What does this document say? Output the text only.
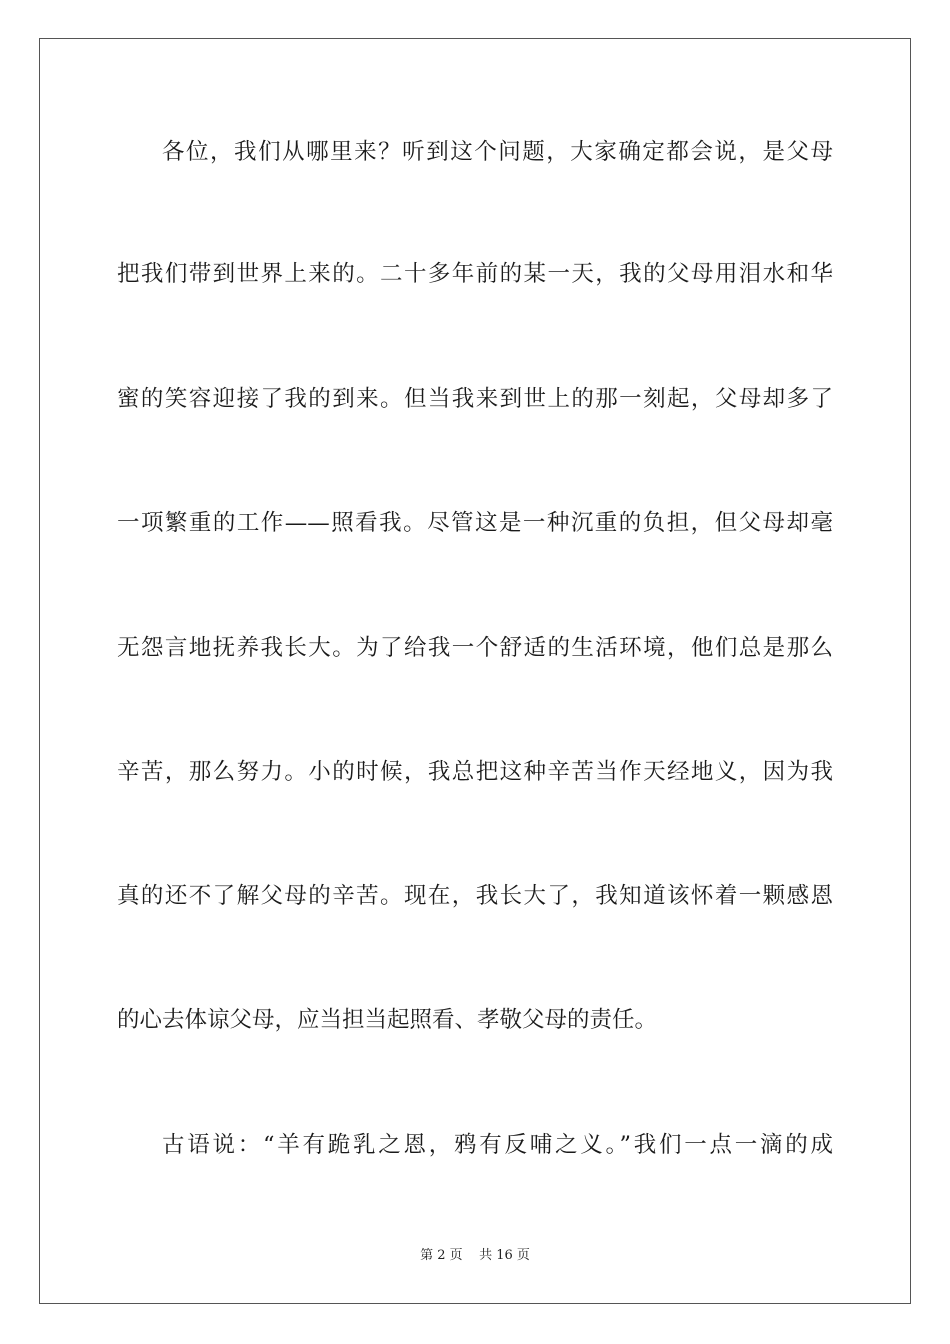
各位，我们从哪里来？听到这个问题，大家确定都会说，是父母
把我们带到世界上来的。二十多年前的某一天，我的父母用泪水和华
蜜的笑容迎接了我的到来。但当我来到世上的那一刻起，父母却多了
一项繁重的工作——照看我。尽管这是一种沉重的负担，但父母却毫
无怨言地抚养我长大。为了给我一个舒适的生活环境，他们总是那么
辛苦，那么努力。小的时候，我总把这种辛苦当作天经地义，因为我
真的还不了解父母的辛苦。现在，我长大了，我知道该怀着一颗感恩
的心去体谅父母，应当担当起照看、孝敬父母的责任。
古语说：“羊有跪乳之恩，鸦有反哺之义。”我们一点一滴的成
第 2 页    共 16 页
